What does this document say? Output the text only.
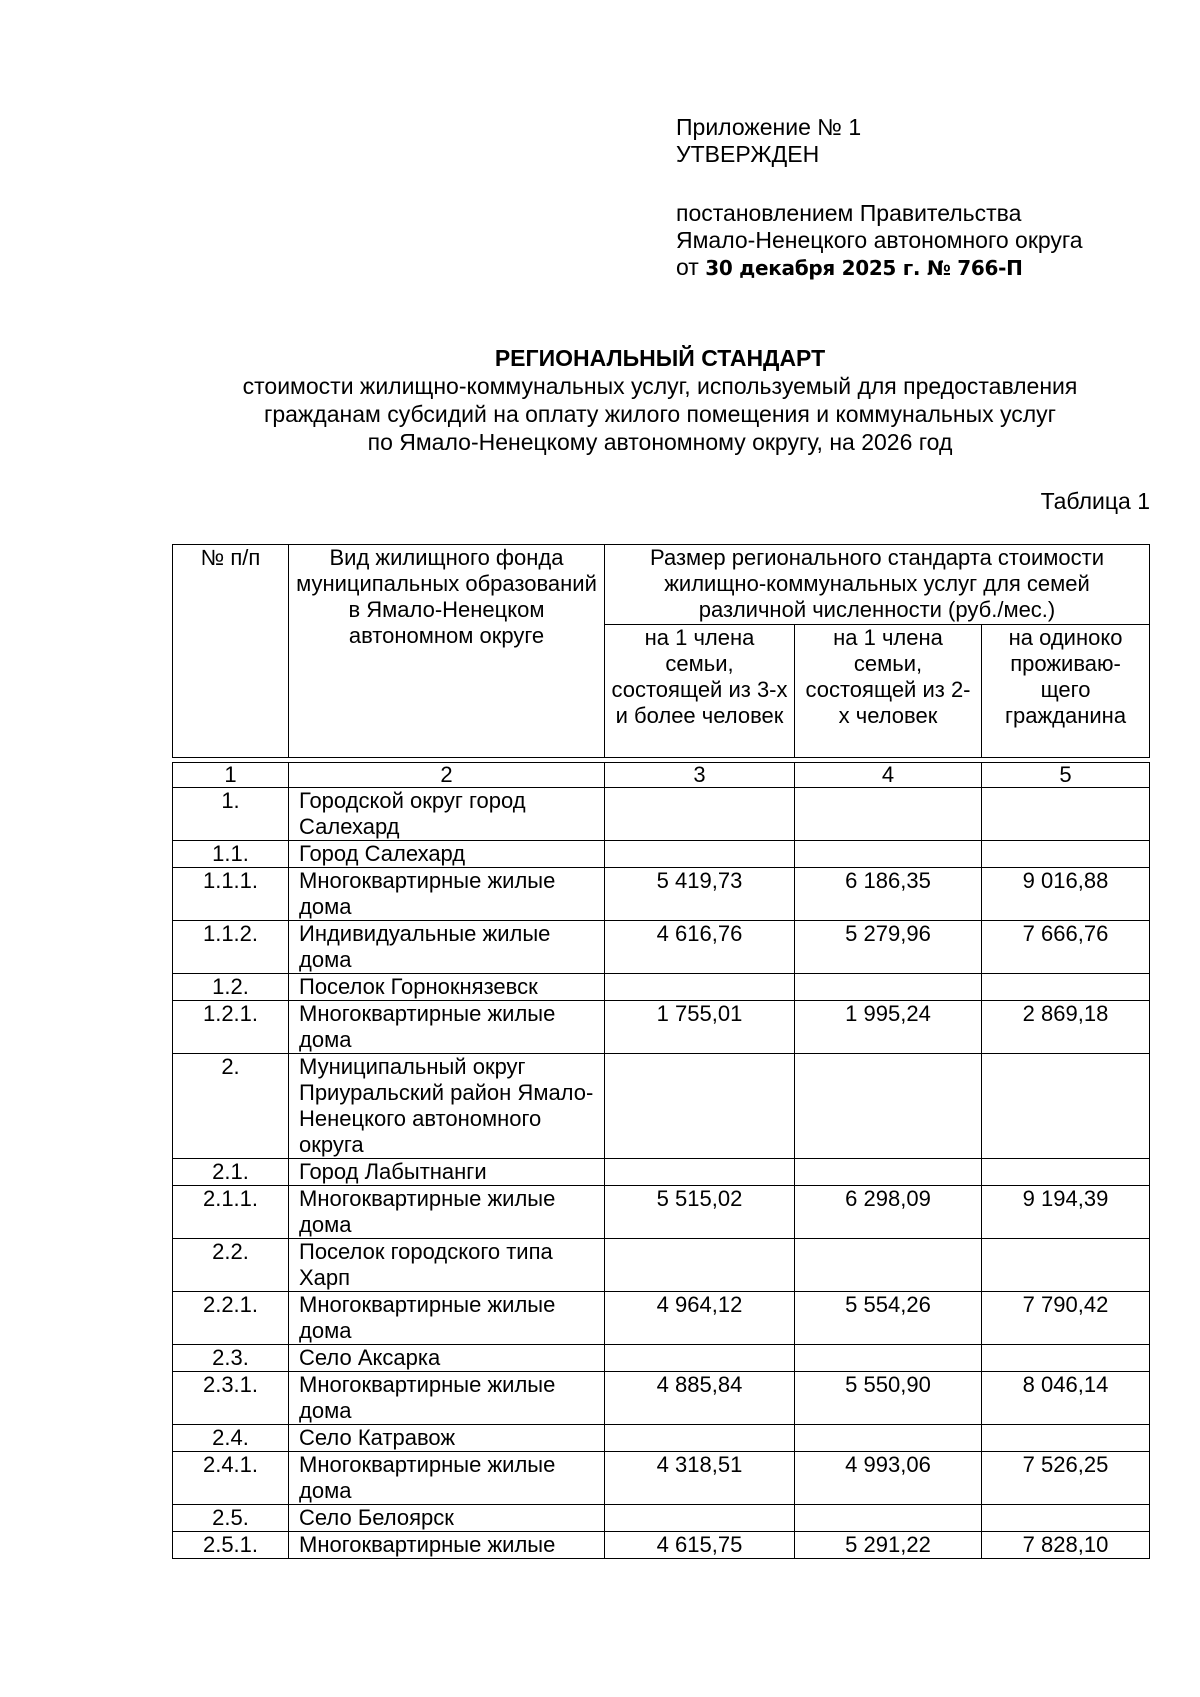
Приложение № 1
УТВЕРЖДЕН
постановлением Правительства
Ямало-Ненецкого автономного округа
от 30 декабря 2025 г. № 766-П
РЕГИОНАЛЬНЫЙ СТАНДАРТ
стоимости жилищно-коммунальных услуг, используемый для предоставления
гражданам субсидий на оплату жилого помещения и коммунальных услуг
по Ямало-Ненецкому автономному округу, на 2026 год
Таблица 1
№ п/п	Вид жилищного фонда муниципальных образований в Ямало-Ненецком автономном округе	Размер регионального стандарта стоимости жилищно-коммунальных услуг для семей различной численности (руб./мес.)		
		на 1 члена семьи, состоящей из 3-х и более человек	на 1 члена семьи, состоящей из 2-х человек	на одиноко проживаю-щего гражданина
1	2	3	4	5
1.	Городской округ город Салехард			
1.1.	Город Салехард			
1.1.1.	Многоквартирные жилые дома	5 419,73	6 186,35	9 016,88
1.1.2.	Индивидуальные жилые дома	4 616,76	5 279,96	7 666,76
1.2.	Поселок Горнокнязевск			
1.2.1.	Многоквартирные жилые дома	1 755,01	1 995,24	2 869,18
2.	Муниципальный округ Приуральский район Ямало-Ненецкого автономного округа			
2.1.	Город Лабытнанги			
2.1.1.	Многоквартирные жилые дома	5 515,02	6 298,09	9 194,39
2.2.	Поселок городского типа Харп			
2.2.1.	Многоквартирные жилые дома	4 964,12	5 554,26	7 790,42
2.3.	Село Аксарка			
2.3.1.	Многоквартирные жилые дома	4 885,84	5 550,90	8 046,14
2.4.	Село Катравож			
2.4.1.	Многоквартирные жилые дома	4 318,51	4 993,06	7 526,25
2.5.	Село Белоярск			
2.5.1.	Многоквартирные жилые	4 615,75	5 291,22	7 828,10
